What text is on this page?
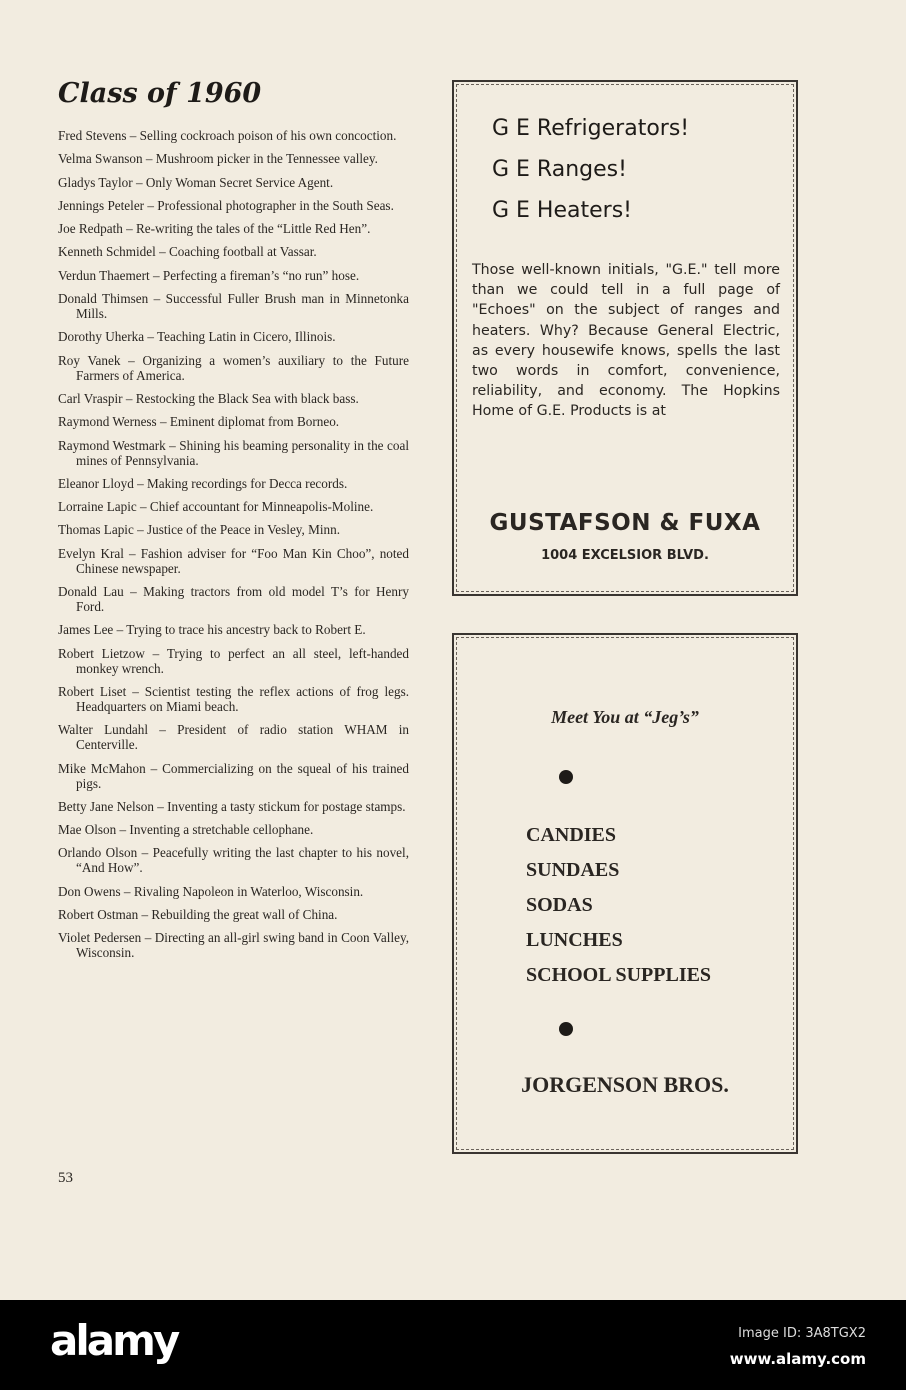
Class of 1960
Fred Stevens – Selling cockroach poison of his own concoction.
Velma Swanson – Mushroom picker in the Tennessee valley.
Gladys Taylor – Only Woman Secret Service Agent.
Jennings Peteler – Professional photographer in the South Seas.
Joe Redpath – Re-writing the tales of the “Little Red Hen”.
Kenneth Schmidel – Coaching football at Vassar.
Verdun Thaemert – Perfecting a fireman’s “no run” hose.
Donald Thimsen – Successful Fuller Brush man in Minnetonka Mills.
Dorothy Uherka – Teaching Latin in Cicero, Illinois.
Roy Vanek – Organizing a women’s auxiliary to the Future Farmers of America.
Carl Vraspir – Restocking the Black Sea with black bass.
Raymond Werness – Eminent diplomat from Borneo.
Raymond Westmark – Shining his beaming personality in the coal mines of Pennsylvania.
Eleanor Lloyd – Making recordings for Decca records.
Lorraine Lapic – Chief accountant for Minneapolis-Moline.
Thomas Lapic – Justice of the Peace in Vesley, Minn.
Evelyn Kral – Fashion adviser for “Foo Man Kin Choo”, noted Chinese newspaper.
Donald Lau – Making tractors from old model T’s for Henry Ford.
James Lee – Trying to trace his ancestry back to Robert E.
Robert Lietzow – Trying to perfect an all steel, left-handed monkey wrench.
Robert Liset – Scientist testing the reflex actions of frog legs. Headquarters on Miami beach.
Walter Lundahl – President of radio station WHAM in Centerville.
Mike McMahon – Commercializing on the squeal of his trained pigs.
Betty Jane Nelson – Inventing a tasty stickum for postage stamps.
Mae Olson – Inventing a stretchable cellophane.
Orlando Olson – Peacefully writing the last chapter to his novel, “And How”.
Don Owens – Rivaling Napoleon in Waterloo, Wisconsin.
Robert Ostman – Rebuilding the great wall of China.
Violet Pedersen – Directing an all-girl swing band in Coon Valley, Wisconsin.
53
G E Refrigerators!
G E Ranges!
G E Heaters!
Those well-known initials, "G.E." tell more than we could tell in a full page of "Echoes" on the subject of ranges and heaters. Why? Because General Electric, as every housewife knows, spells the last two words in comfort, convenience, reliability, and economy. The Hopkins Home of G.E. Products is at
GUSTAFSON & FUXA
1004 EXCELSIOR BLVD.
Meet You at “Jeg’s”
CANDIES
SUNDAES
SODAS
LUNCHES
SCHOOL SUPPLIES
JORGENSON BROS.
alamy	Image ID: 3A8TGX2
www.alamy.com
